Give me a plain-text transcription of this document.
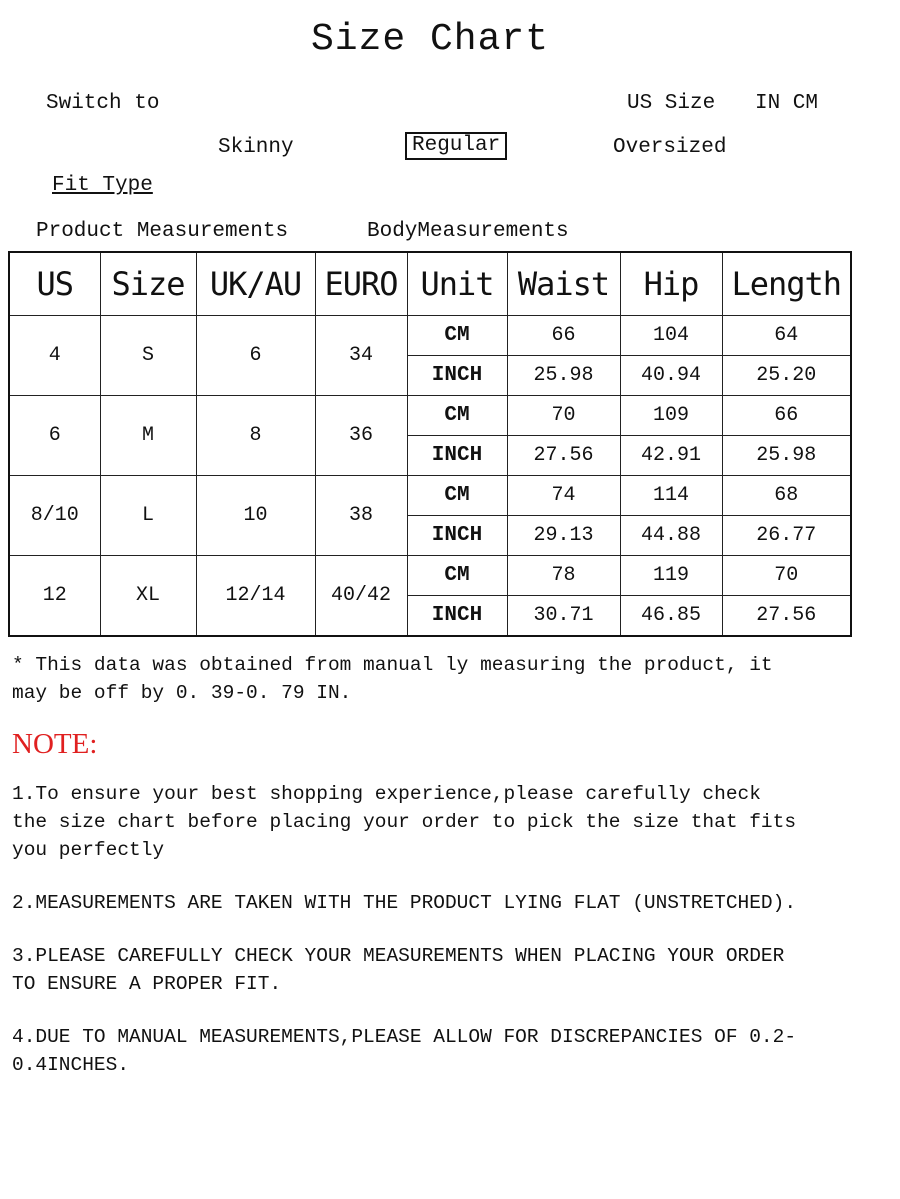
Size Chart
Switch to	US Size IN CM
Skinny	Regular	Oversized
Fit Type
Product Measurements	BodyMeasurements
US	Size	UK/AU	EURO	Unit	Waist	Hip	Length
4	S	6	34	CM	66	104	64
				INCH	25.98	40.94	25.20
6	M	8	36	CM	70	109	66
				INCH	27.56	42.91	25.98
8/10	L	10	38	CM	74	114	68
				INCH	29.13	44.88	26.77
12	XL	12/14	40/42	CM	78	119	70
				INCH	30.71	46.85	27.56
* This data was obtained from manual ly measuring the product, it
may be off by 0. 39-0. 79 IN.
NOTE:
1.To ensure your best shopping experience,please carefully check
the size chart before placing your order to pick the size that fits
you perfectly
2.MEASUREMENTS ARE TAKEN WITH THE PRODUCT LYING FLAT (UNSTRETCHED).
3.PLEASE CAREFULLY CHECK YOUR MEASUREMENTS WHEN PLACING YOUR ORDER
TO ENSURE A PROPER FIT.
4.DUE TO MANUAL MEASUREMENTS,PLEASE ALLOW FOR DISCREPANCIES OF 0.2-
0.4INCHES.
